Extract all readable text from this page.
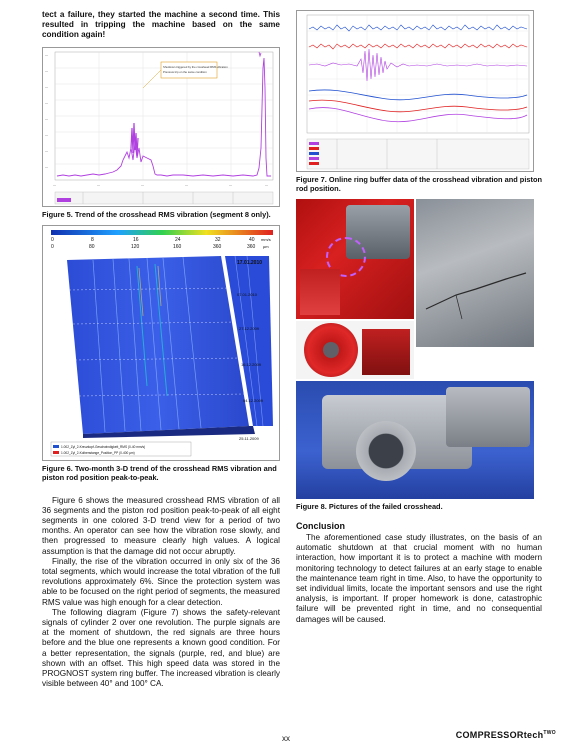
tect a failure, they started the machine a second time. This resulted in tripping the machine based on the same condition again!

—
—
—
—
—
—
—
—
Shutdown triggered by the crosshead RMS vibration
Previous trip on the same condition
—	—	—	—	—	—

Figure 5. Trend of the crosshead RMS vibration (segment 8 only).

0	8	16	24	32	40 mm/s
0	80	120	160	360	360 µm
17.01.2010
07.01.2010
27.12.2009
16.12.2009
04.12.2009
25.11.2009
1.002_Zyl_2-Kreuzkopf-Geschwindigkeit_RMS (0-40 mm/s)
1.002_Zyl_2-Kolbenstange_Position_PP (0-400 µm)

Figure 6. Two-month 3-D trend of the crosshead RMS vibration and piston rod position peak-to-peak.

Figure 6 shows the measured crosshead RMS vibration of all 36 segments and the piston rod position peak-to-peak of all eight segments in one colored 3-D trend view for a period of two months. An operator can see how the vibration rose slowly, and then progressed to measure clearly high values. A logical assumption is that the damage did not occur abruptly.

Finally, the rise of the vibration occurred in only six of the 36 total segments, which would increase the total vibration of the full revolutions approximately 6%. Since the protection system was able to be focused on the right period of segments, the measured RMS value was high enough for a clear detection.

The following diagram (Figure 7) shows the safety-relevant signals of cylinder 2 over one revolution. The purple signals are at the moment of shutdown, the red signals are three hours before and the blue one represents a known good condition. For a better representation, the signals (purple, red, and blue) are shown with an offset. This high speed data was stored in the PROGNOST system ring buffer. The increased vibration is clearly visible between 40° and 100° CA.

Figure 7. Online ring buffer data of the crosshead vibration and piston rod position.

Figure 8. Pictures of the failed crosshead.

Conclusion

The aforementioned case study illustrates, on the basis of an automatic shutdown at that crucial moment with no human interaction, how important it is to protect a machine with modern monitoring technology to detect failures at an early stage to enable the maintenance team right in time. Also, to have the opportunity to set individual limits, locate the important sensors and use the right analysis, is important. If proper homework is done, catastrophic failure will be prevented right in time, and no consequential damages will be caused.

xx	COMPRESSORtech$^{TWO}$
